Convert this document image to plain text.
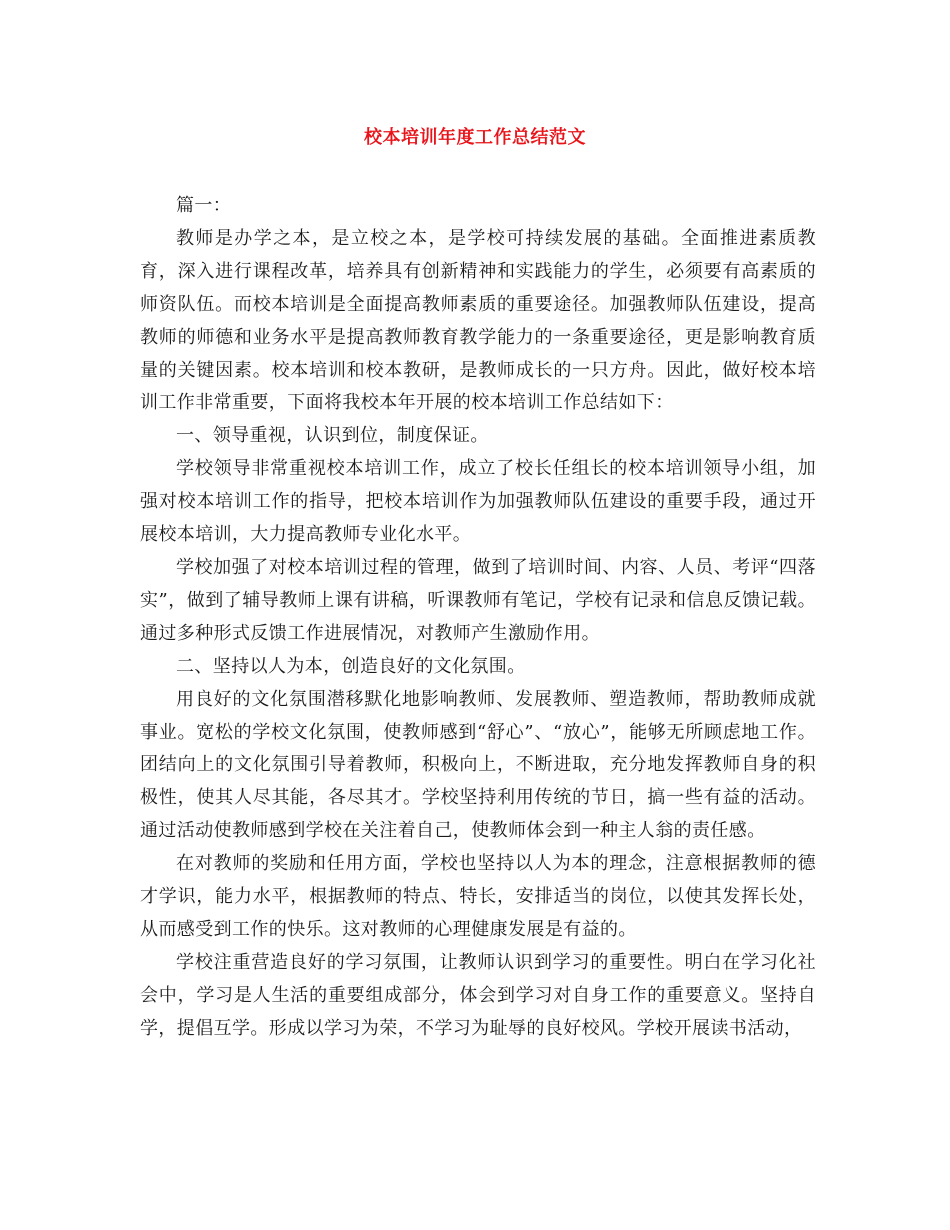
校本培训年度工作总结范文

篇一：

教师是办学之本，是立校之本，是学校可持续发展的基础。全面推进素质教育，深入进行课程改革，培养具有创新精神和实践能力的学生，必须要有高素质的师资队伍。而校本培训是全面提高教师素质的重要途径。加强教师队伍建设，提高教师的师德和业务水平是提高教师教育教学能力的一条重要途径，更是影响教育质量的关键因素。校本培训和校本教研，是教师成长的一只方舟。因此，做好校本培训工作非常重要，下面将我校本年开展的校本培训工作总结如下：

一、领导重视，认识到位，制度保证。

学校领导非常重视校本培训工作，成立了校长任组长的校本培训领导小组，加强对校本培训工作的指导，把校本培训作为加强教师队伍建设的重要手段，通过开展校本培训，大力提高教师专业化水平。

学校加强了对校本培训过程的管理，做到了培训时间、内容、人员、考评“四落实”，做到了辅导教师上课有讲稿，听课教师有笔记，学校有记录和信息反馈记载。通过多种形式反馈工作进展情况，对教师产生激励作用。

二、坚持以人为本，创造良好的文化氛围。

用良好的文化氛围潜移默化地影响教师、发展教师、塑造教师，帮助教师成就事业。宽松的学校文化氛围，使教师感到“舒心”、“放心”，能够无所顾虑地工作。团结向上的文化氛围引导着教师，积极向上，不断进取，充分地发挥教师自身的积极性，使其人尽其能，各尽其才。学校坚持利用传统的节日，搞一些有益的活动。通过活动使教师感到学校在关注着自己，使教师体会到一种主人翁的责任感。

在对教师的奖励和任用方面，学校也坚持以人为本的理念，注意根据教师的德才学识，能力水平，根据教师的特点、特长，安排适当的岗位，以使其发挥长处，从而感受到工作的快乐。这对教师的心理健康发展是有益的。

学校注重营造良好的学习氛围，让教师认识到学习的重要性。明白在学习化社会中，学习是人生活的重要组成部分，体会到学习对自身工作的重要意义。坚持自学，提倡互学。形成以学习为荣，不学习为耻辱的良好校风。学校开展读书活动，
